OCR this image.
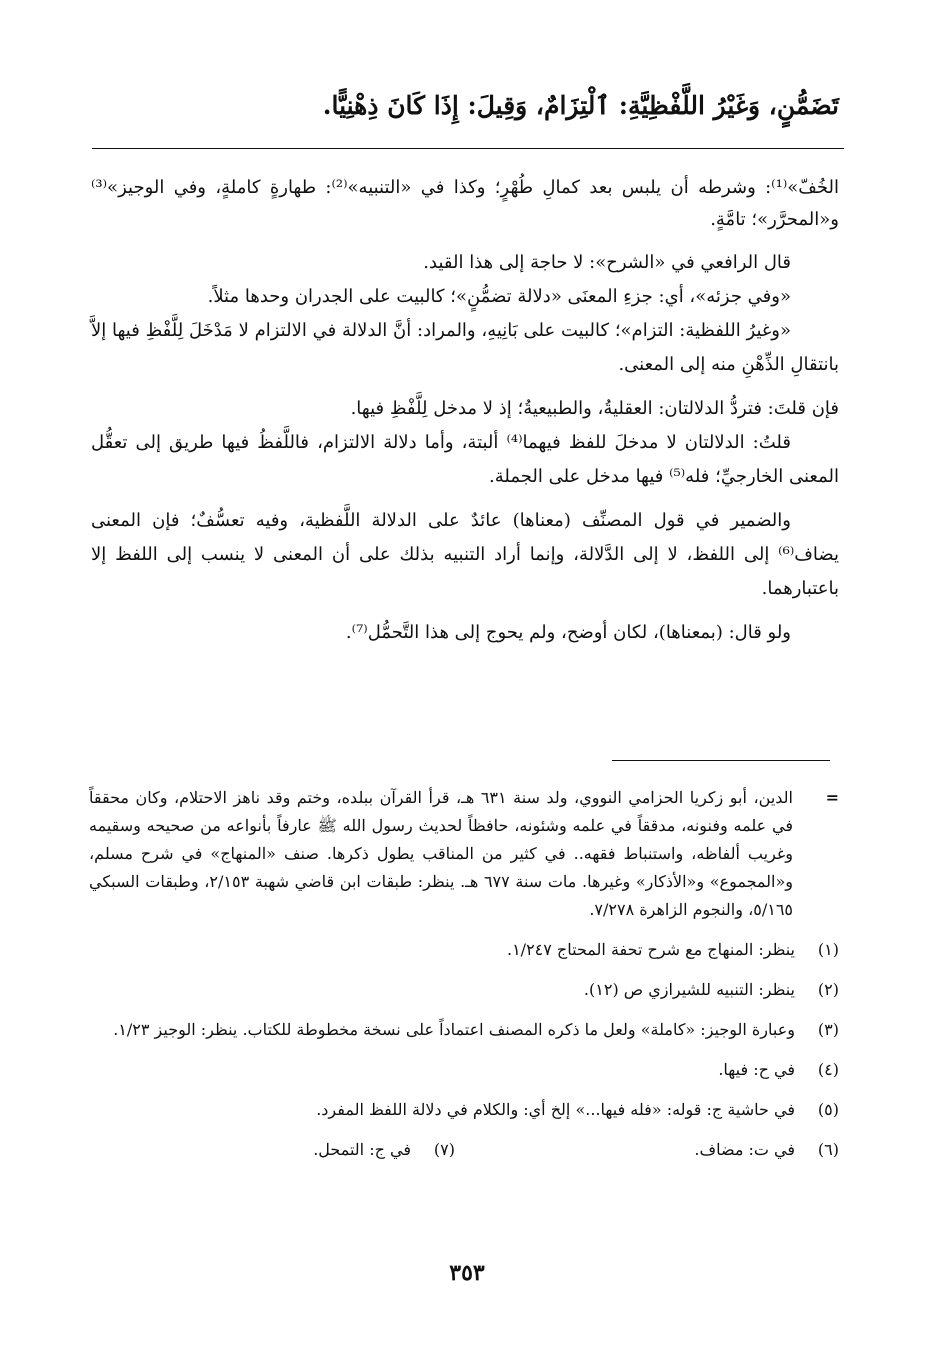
تَضَمُّنٍ، وَغَيْرُ اللَّفْظِيَّةِ: ٱلْتِزَامٌ، وَقِيلَ: إِذَا كَانَ ذِهْنِيًّا.

الخُفّ»⁽¹⁾: وشرطه أن يلبس بعد كمالِ طُهْرٍ؛ وكذا في «التنبيه»⁽²⁾: طهارةٍ كاملةٍ، وفي الوجيز»⁽³⁾ و«المحرَّر»؛ تامَّةٍ.

قال الرافعي في «الشرح»: لا حاجة إلى هذا القيد.

«وفي جزئه»، أي: جزءِ المعنَى «دلالة تضمُّنٍ»؛ كالبيت على الجدران وحدها مثلاً.

«وغيرُ اللفظية: التزام»؛ كالبيت على بَانِيهِ، والمراد: أنَّ الدلالة في الالتزام لا مَدْخَلَ لِلَّفْظِ فيها إلاَّ بانتقالِ الذِّهْنِ منه إلى المعنى.

فإن قلتَ: فتردُّ الدلالتان: العقليةُ، والطبيعيةُ؛ إذ لا مدخل لِلَّفْظِ فيها.

قلتُ: الدلالتان لا مدخلَ للفظ فيهما⁽⁴⁾ ألبتة، وأما دلالة الالتزام، فاللَّفظُ فيها طريق إلى تعقُّل المعنى الخارجيِّ؛ فله⁽⁵⁾ فيها مدخل على الجملة.

والضمير في قول المصنِّف (معناها) عائدٌ على الدلالة اللَّفظية، وفيه تعسُّفٌ؛ فإن المعنى يضاف⁽⁶⁾ إلى اللفظ، لا إلى الدَّلالة، وإنما أراد التنبيه بذلك على أن المعنى لا ينسب إلى اللفظ إلا باعتبارهما.

ولو قال: (بمعناها)، لكان أوضح، ولم يحوج إلى هذا التَّحمُّل⁽⁷⁾.

=

الدين، أبو زكريا الحزامي النووي، ولد سنة ٦٣١ هـ، قرأ القرآن ببلده، وختم وقد ناهز الاحتلام، وكان محققاً في علمه وفنونه، مدققاً في علمه وشئونه، حافظاً لحديث رسول الله ﷺ عارفاً بأنواعه من صحيحه وسقيمه وغريب ألفاظه، واستنباط فقهه.. في كثير من المناقب يطول ذكرها. صنف «المنهاج» في شرح مسلم، و«المجموع» و«الأذكار» وغيرها. مات سنة ٦٧٧ هـ. ينظر: طبقات ابن قاضي شهبة ٢/١٥٣، وطبقات السبكي ٥/١٦٥، والنجوم الزاهرة ٧/٢٧٨.

(١)

ينظر: المنهاج مع شرح تحفة المحتاج ١/٢٤٧.

(٢)

ينظر: التنبيه للشيرازي ص (١٢).

(٣)

وعبارة الوجيز: «كاملة» ولعل ما ذكره المصنف اعتماداً على نسخة مخطوطة للكتاب. ينظر: الوجيز ١/٢٣.

(٤)

في ح: فيها.

(٥)

في حاشية ج: قوله: «فله فيها...» إلخ أي: والكلام في دلالة اللفظ المفرد.

(٦)

في ت: مضاف.

(٧)

في ج: التمحل.

٣٥٣
